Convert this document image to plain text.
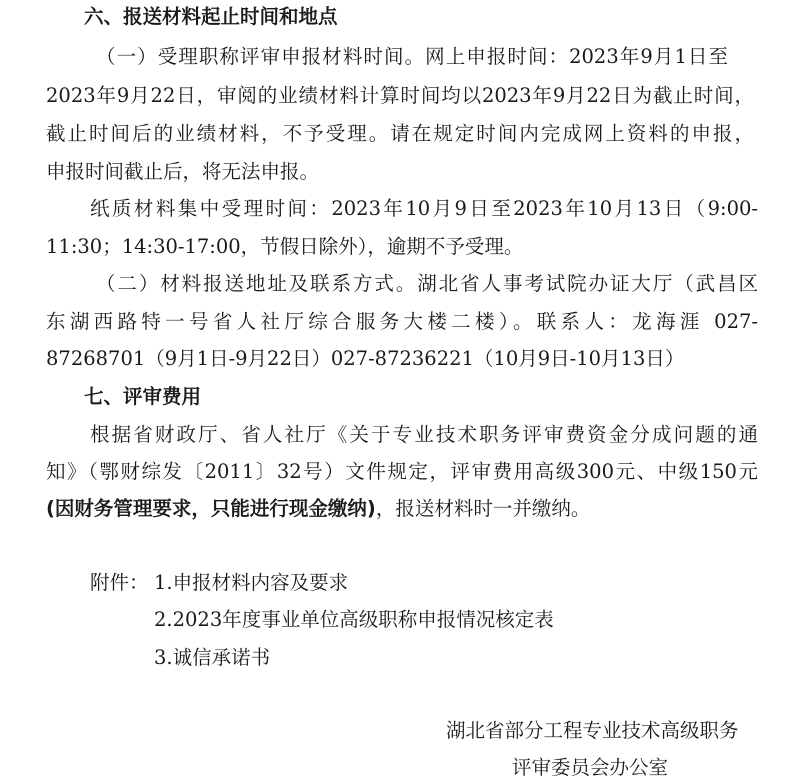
六、报送材料起止时间和地点
（一）受理职称评审申报材料时间。网上申报时间：2023年9月1日至
2023年9月22日，审阅的业绩材料计算时间均以2023年9月22日为截止时间，
截止时间后的业绩材料，不予受理。请在规定时间内完成网上资料的申报，
申报时间截止后，将无法申报。
纸质材料集中受理时间：2023年10月9日至2023年10月13日（9:00-
11:30；14:30-17:00，节假日除外），逾期不予受理。
（二）材料报送地址及联系方式。湖北省人事考试院办证大厅（武昌区
东湖西路特一号省人社厅综合服务大楼二楼）。联系人：龙海涯 027-
87268701（9月1日-9月22日）027-87236221（10月9日-10月13日）
七、评审费用
根据省财政厅、省人社厅《关于专业技术职务评审费资金分成问题的通
知》（鄂财综发〔2011〕32号）文件规定，评审费用高级300元、中级150元
(因财务管理要求，只能进行现金缴纳)，报送材料时一并缴纳。
附件： 1.申报材料内容及要求
2.2023年度事业单位高级职称申报情况核定表
3.诚信承诺书
湖北省部分工程专业技术高级职务
评审委员会办公室
